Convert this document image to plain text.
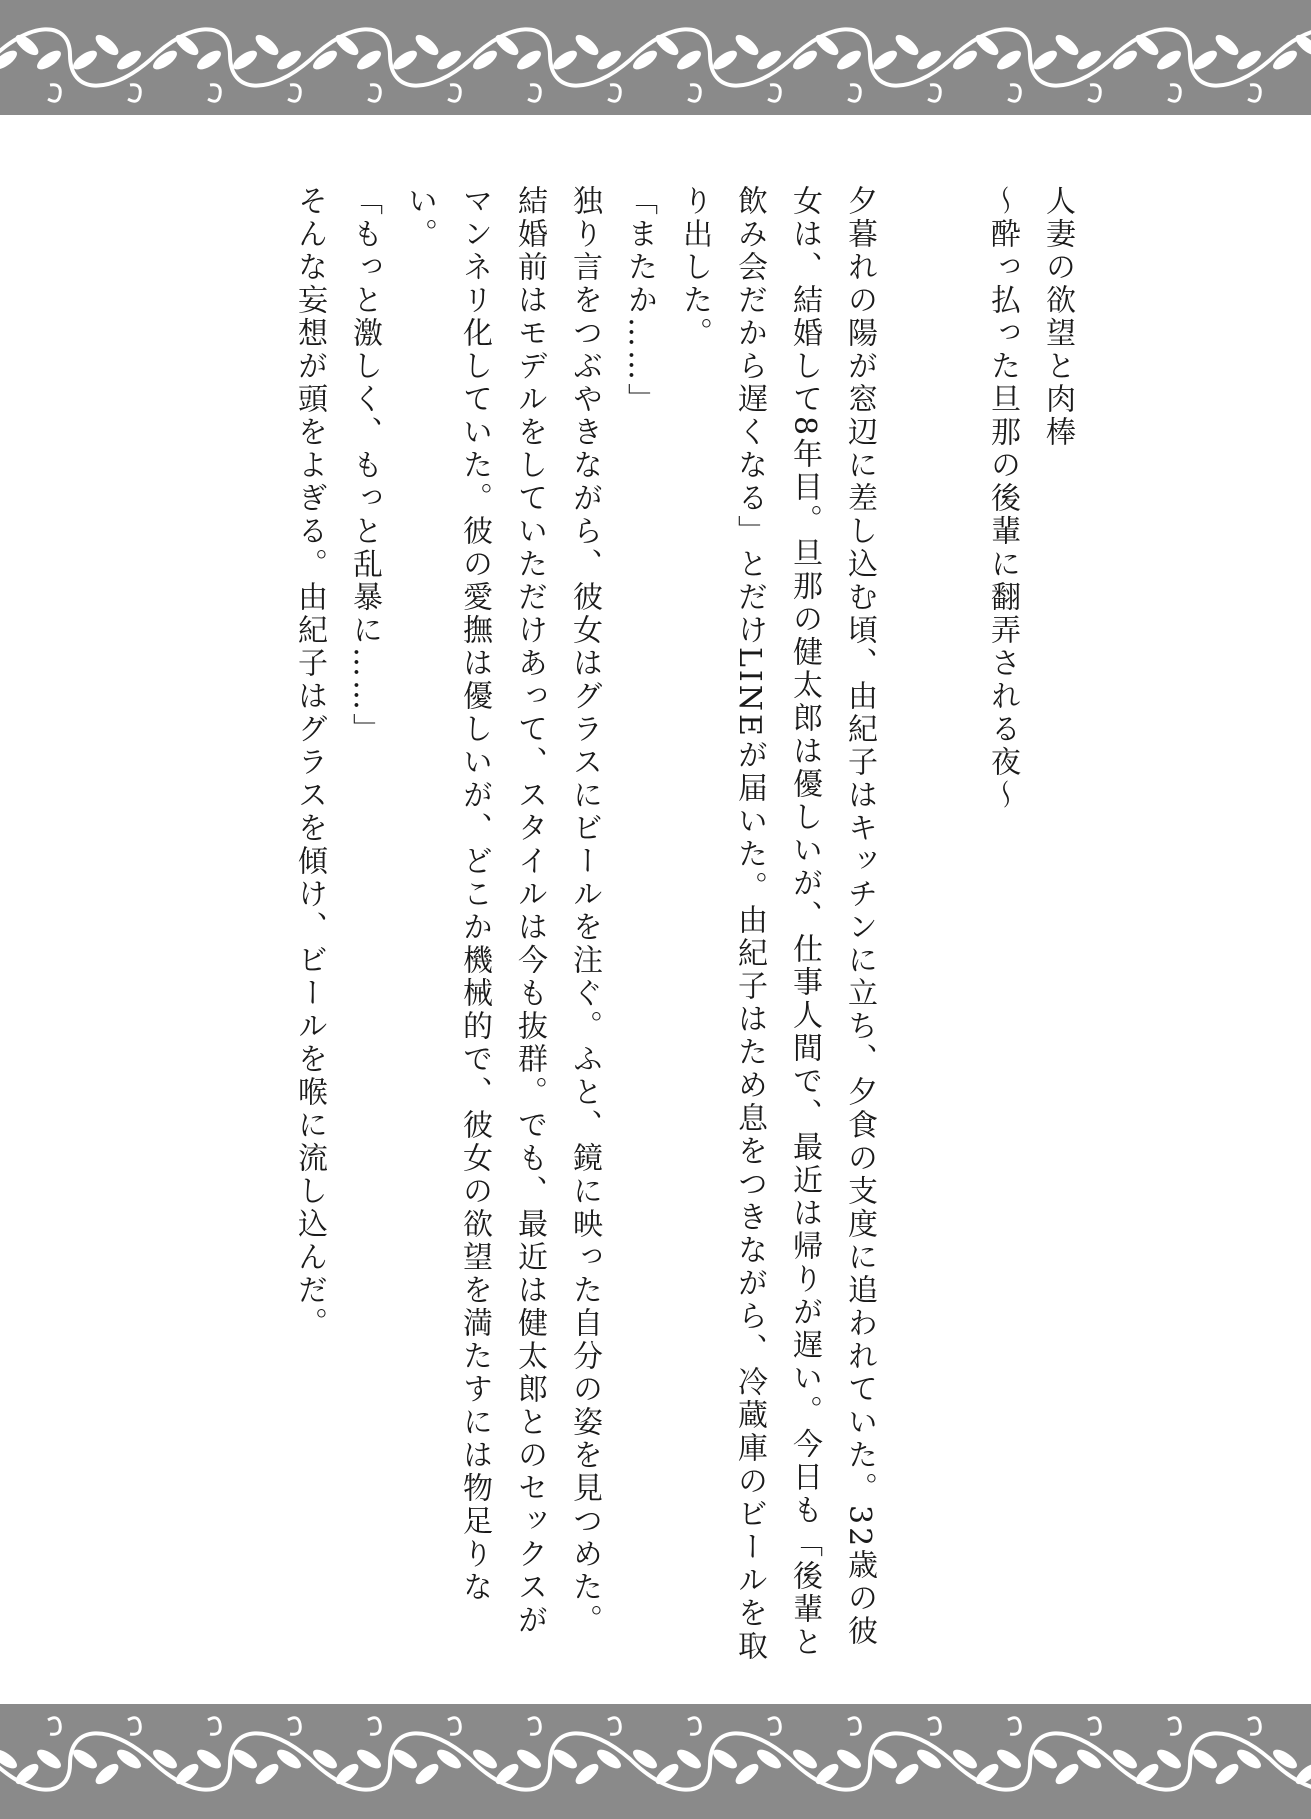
人妻の欲望と肉棒
〜酔っ払った旦那の後輩に翻弄される夜〜
夕暮れの陽が窓辺に差し込む頃、由紀子はキッチンに立ち、夕食の支度に追われていた。32歳の彼女は、結婚して8年目。旦那の健太郎は優しいが、仕事人間で、最近は帰りが遅い。今日も「後輩と飲み会だから遅くなる」とだけLINEが届いた。由紀子はため息をつきながら、冷蔵庫のビールを取り出した。
「またか……」
独り言をつぶやきながら、彼女はグラスにビールを注ぐ。ふと、鏡に映った自分の姿を見つめた。結婚前はモデルをしていただけあって、スタイルは今も抜群。でも、最近は健太郎とのセックスがマンネリ化していた。彼の愛撫は優しいが、どこか機械的で、彼女の欲望を満たすには物足りない。
「もっと激しく、もっと乱暴に……」
そんな妄想が頭をよぎる。由紀子はグラスを傾け、ビールを喉に流し込んだ。
